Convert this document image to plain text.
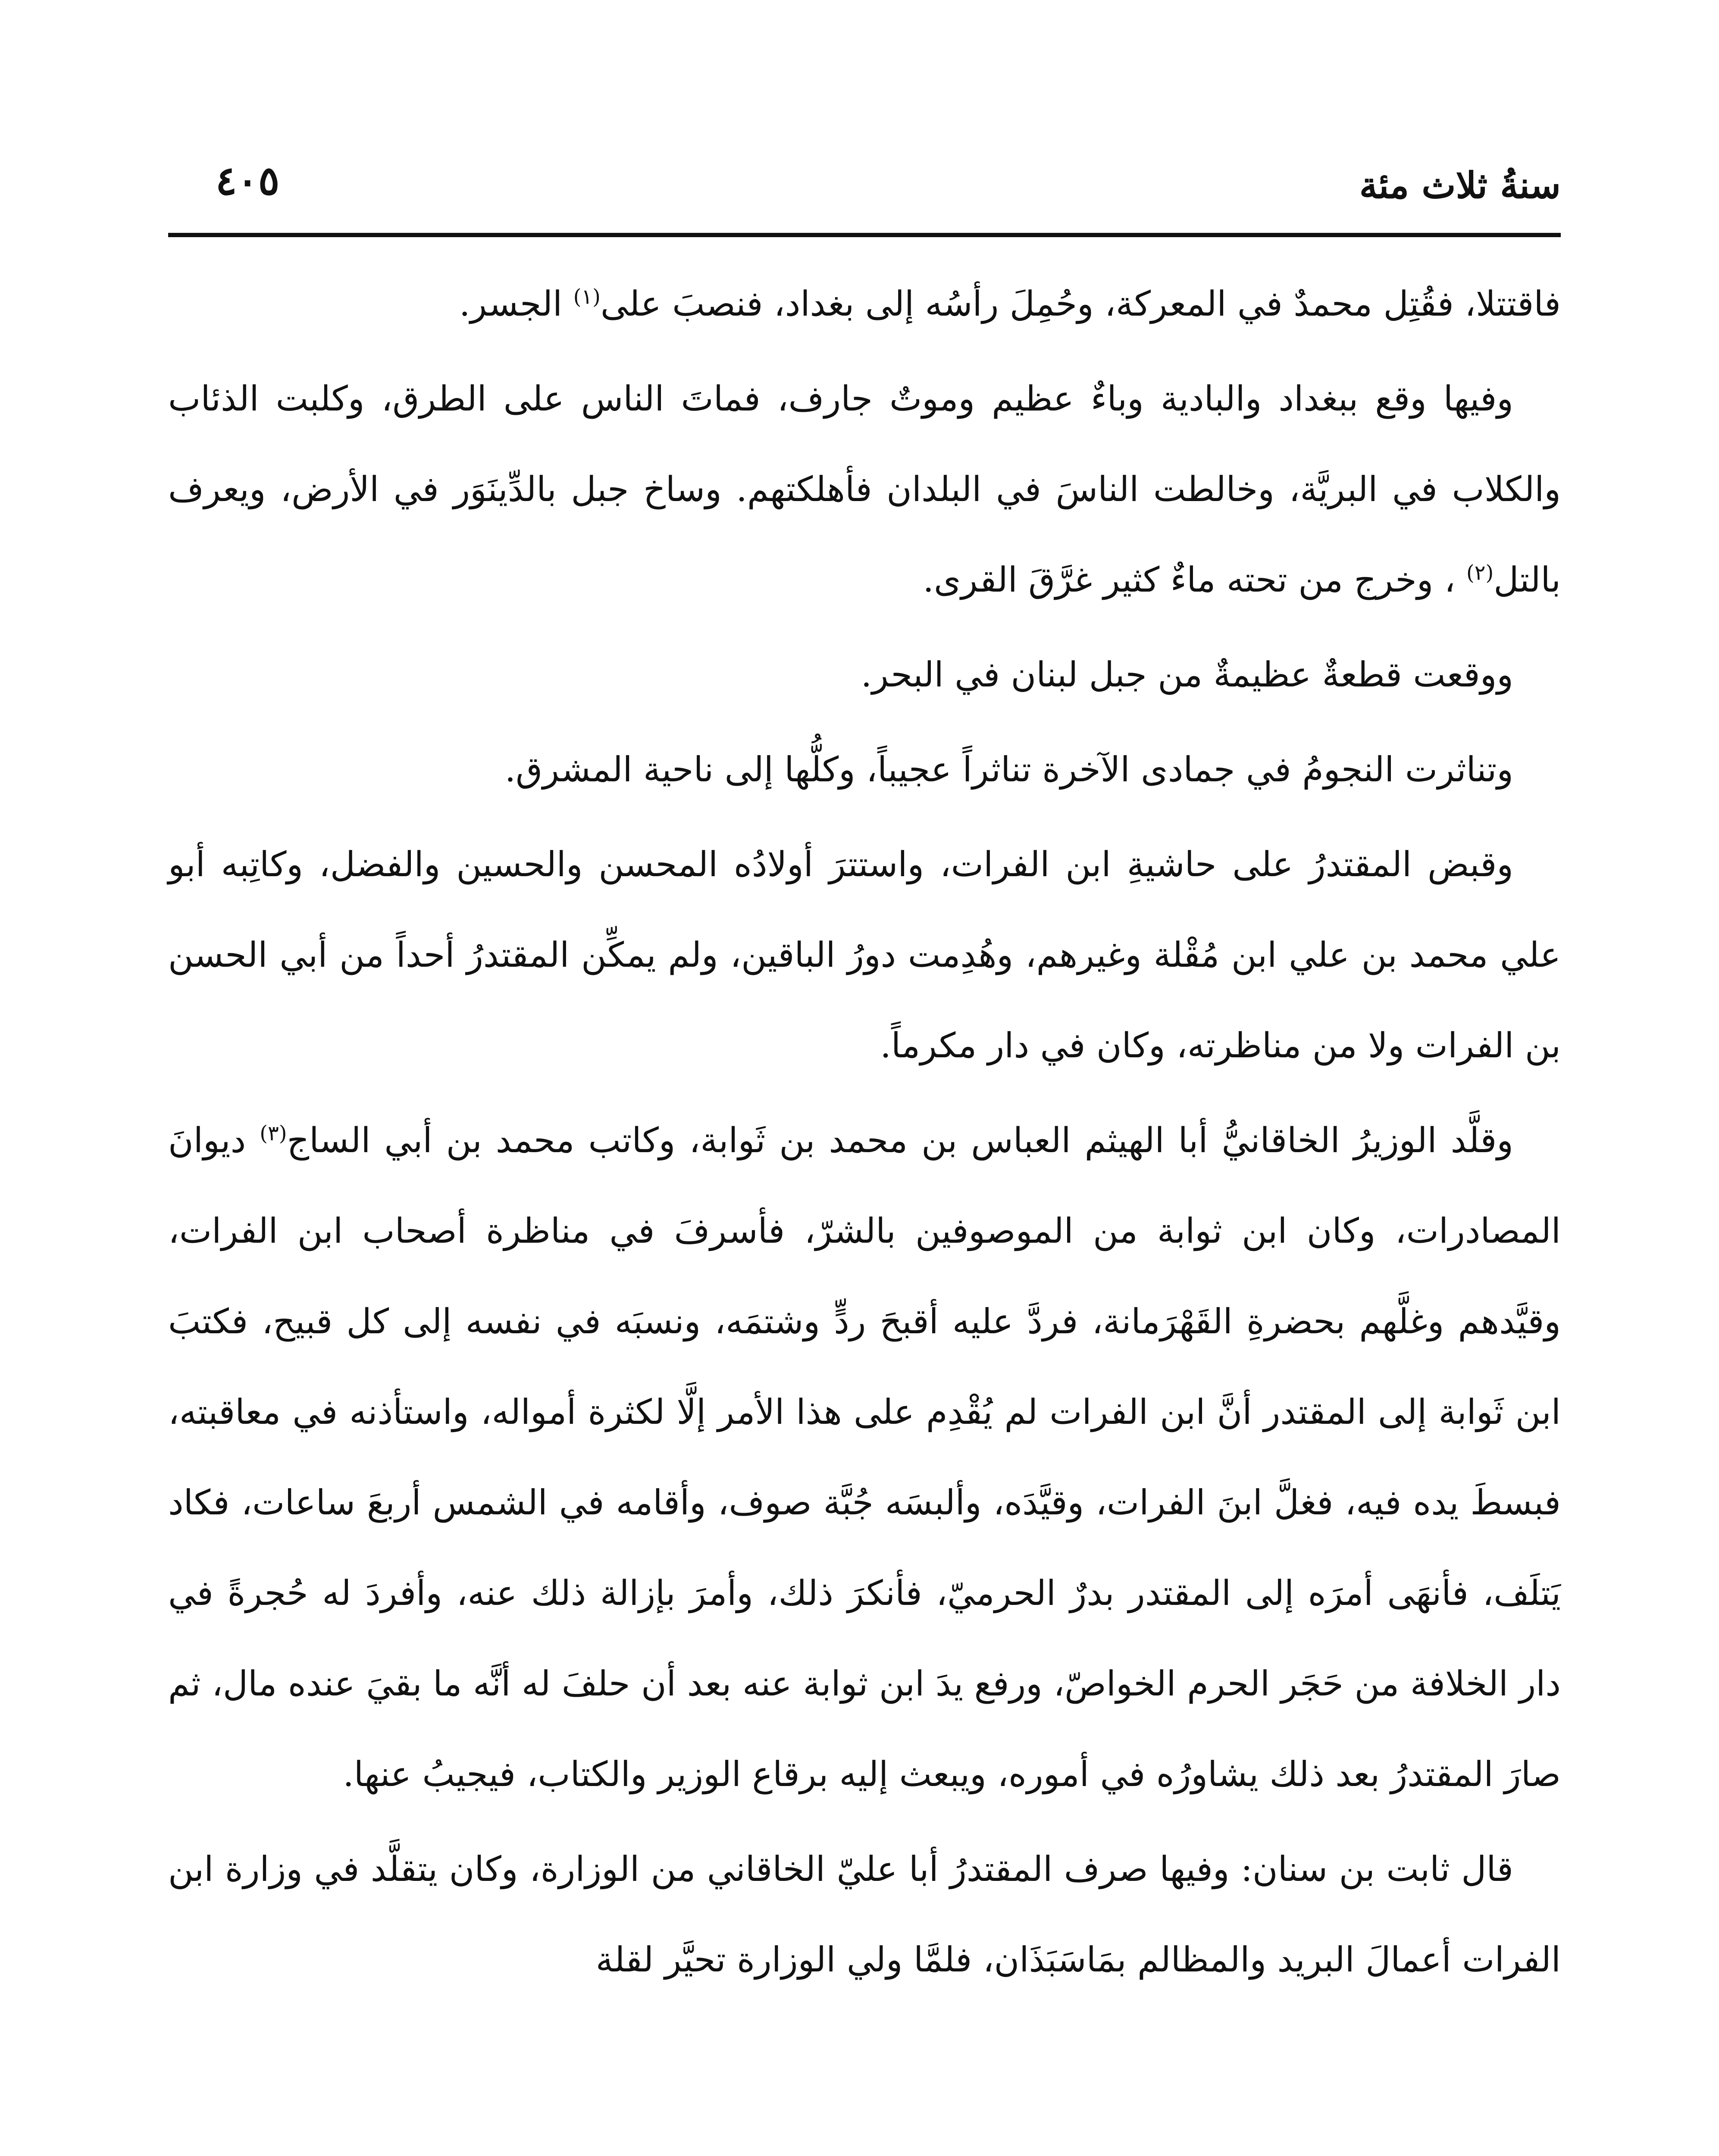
سنةُ ثلاث مئة
٤٠٥

فاقتتلا، فقُتِل محمدٌ في المعركة، وحُمِلَ رأسُه إلى بغداد، فنصبَ على$^{(١)}$ الجسر.

وفيها وقع ببغداد والبادية وباءٌ عظيم وموتٌ جارف، فماتَ الناس على الطرق، وكلبت الذئاب والكلاب في البريَّة، وخالطت الناسَ في البلدان فأهلكتهم. وساخ جبل بالدِّينَوَر في الأرض، ويعرف بالتل$^{(٢)}$ ، وخرج من تحته ماءٌ كثير غرَّقَ القرى.

ووقعت قطعةٌ عظيمةٌ من جبل لبنان في البحر.

وتناثرت النجومُ في جمادى الآخرة تناثراً عجيباً، وكلُّها إلى ناحية المشرق.

وقبض المقتدرُ على حاشيةِ ابن الفرات، واستترَ أولادُه المحسن والحسين والفضل، وكاتِبه أبو علي محمد بن علي ابن مُقْلة وغيرهم، وهُدِمت دورُ الباقين، ولم يمكِّن المقتدرُ أحداً من أبي الحسن بن الفرات ولا من مناظرته، وكان في دار مكرماً.

وقلَّد الوزيرُ الخاقانيُّ أبا الهيثم العباس بن محمد بن ثَوابة، وكاتب محمد بن أبي الساج$^{(٣)}$ ديوانَ المصادرات، وكان ابن ثوابة من الموصوفين بالشرّ، فأسرفَ في مناظرة أصحاب ابن الفرات، وقيَّدهم وغلَّهم بحضرةِ القَهْرَمانة، فردَّ عليه أقبحَ ردٍّ وشتمَه، ونسبَه في نفسه إلى كل قبيح، فكتبَ ابن ثَوابة إلى المقتدر أنَّ ابن الفرات لم يُقْدِم على هذا الأمر إلَّا لكثرة أمواله، واستأذنه في معاقبته، فبسطَ يده فيه، فغلَّ ابنَ الفرات، وقيَّدَه، وألبسَه جُبَّة صوف، وأقامه في الشمس أربعَ ساعات، فكاد يَتلَف، فأنهَى أمرَه إلى المقتدر بدرٌ الحرميّ، فأنكرَ ذلك، وأمرَ بإزالة ذلك عنه، وأفردَ له حُجرةً في دار الخلافة من حَجَر الحرم الخواصّ، ورفع يدَ ابن ثوابة عنه بعد أن حلفَ له أنَّه ما بقيَ عنده مال، ثم صارَ المقتدرُ بعد ذلك يشاورُه في أموره، ويبعث إليه برقاع الوزير والكتاب، فيجيبُ عنها.

قال ثابت بن سنان: وفيها صرف المقتدرُ أبا عليّ الخاقاني من الوزارة، وكان يتقلَّد في وزارة ابن الفرات أعمالَ البريد والمظالم بمَاسَبَذَان، فلمَّا ولي الوزارة تحيَّر لقلة
